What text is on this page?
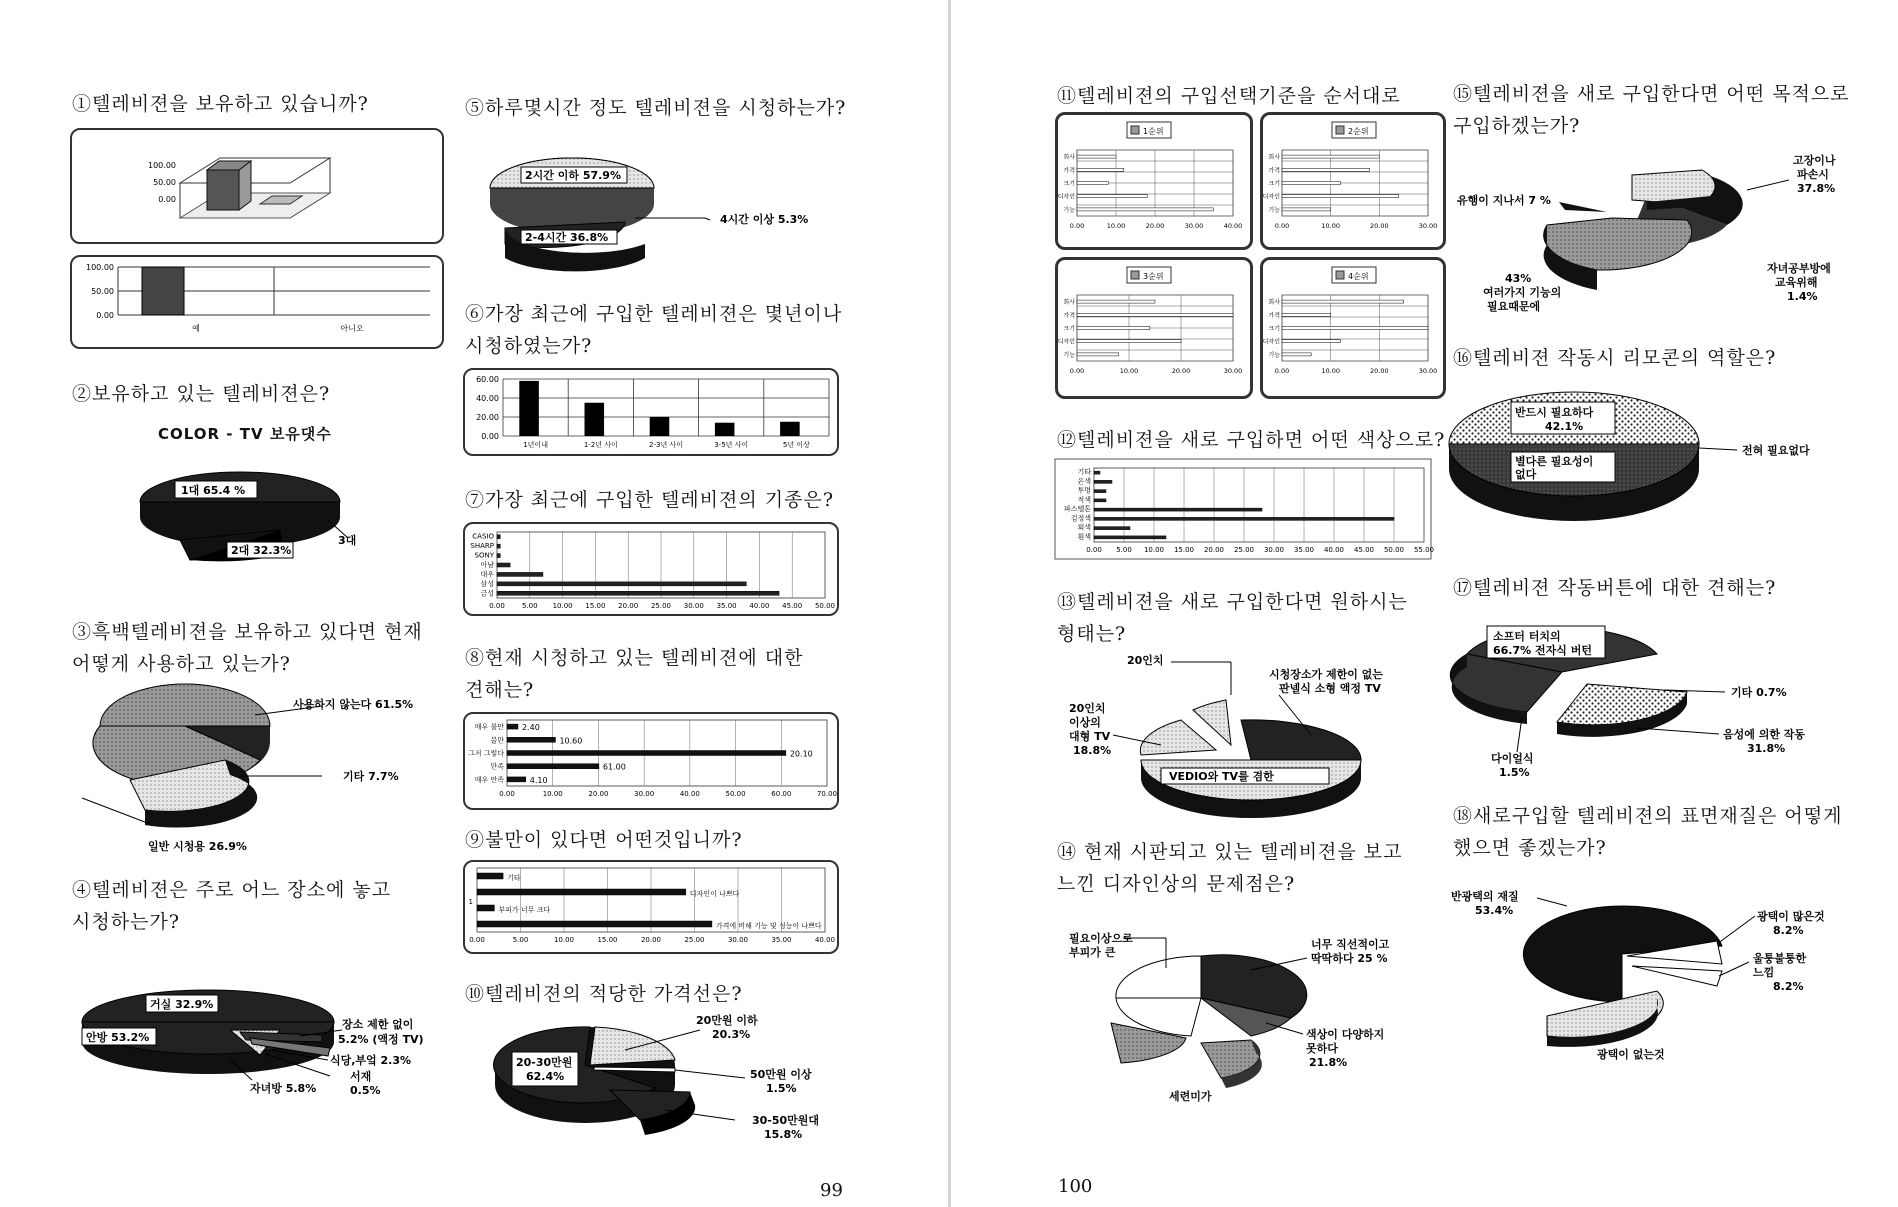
①텔레비젼을 보유하고 있습니까?
100.00
50.00
0.00
100.00
50.00
0.00
예	아니오
②보유하고 있는 텔레비젼은?
COLOR - TV 보유댓수
1대 65.4 %
2대 32.3%
3대
③흑백텔레비젼을 보유하고 있다면 현재
어떻게 사용하고 있는가?
사용하지 않는다 61.5%
기타 7.7%
일반 시청용 26.9%
④텔레비젼은 주로 어느 장소에 놓고
시청하는가?
거실 32.9%
안방 53.2%
장소 제한 없이
5.2% (액정 TV)
식당,부엌 2.3%
서재
0.5%
자녀방 5.8%
99
⑤하루몇시간 정도 텔레비젼을 시청하는가?
2시간 이하 57.9%
2-4시간 36.8%
4시간 이상 5.3%
⑥가장 최근에 구입한 텔레비젼은 몇년이나
시청하였는가?
1년이내	1-2년 사이	2-3년 사이	3-5년 사이	5년 이상
60.00
40.00
20.00
0.00
⑦가장 최근에 구입한 텔레비젼의 기종은?
0.00 5.00 10.00 15.00 20.00 25.00 30.00 35.00 40.00 45.00 50.00
CASIO
SHARP
SONY
아남
대우
삼성
금성
⑧현재 시청하고 있는 텔레비젼에 대한
견해는?
0.00	10.00	20.00	30.00	40.00	50.00	60.00	70.00
매우 불만 2.40
불만	10.60
그저 그렇다	20.10
만족	61.00
매우 만족	4.10
⑨불만이 있다면 어떤것입니까?
0.00	5.00	10.00	15.00	20.00	25.00	30.00	35.00	40.00
기타
디자인이 나쁘다
부피가 너무 크다
가격에 비해 기능 및 성능이 나쁘다
1
⑩텔레비젼의 적당한 가격선은?
20-30만원
62.4%
20만원 이하
20.3%
50만원 이상
1.5%
30-50만원대
15.8%
⑪텔레비젼의 구입선택기준을 순서대로
1순위
0.00	10.00	20.00	30.00	40.00
회사
가격
크기
디자인
기능
2순위
0.00	10.00	20.00	30.00
회사
가격
크기
디자인
기능
3순위
0.00	10.00	20.00	30.00
회사
가격
크기
디자인
기능
4순위
0.00	10.00	20.00	30.00
회사
가격
크기
디자인
기능
⑫텔레비젼을 새로 구입하면 어떤 색상으로?
0.00 5.00 10.00 15.00 20.00 25.00 30.00 35.00 40.00 45.00 50.00 55.00
기타
은색
투명
적색
파스텔톤
검정색
회색
흰색
⑬텔레비젼을 새로 구입한다면 원하시는
형태는?
VEDIO와 TV를 겸한
20인치
20인치
이상의
대형 TV
18.8%
시청장소가 제한이 없는
판넬식 소형 액정 TV
⑭ 현재 시판되고 있는 텔레비젼을 보고
느낀 디자인상의 문제점은?
필요이상으로
부피가 큰
너무 직선적이고
딱딱하다 25 %
색상이 다양하지
못하다
21.8%
세련미가
100
⑮텔레비젼을 새로 구입한다면 어떤 목적으로
구입하겠는가?
고장이나
파손시
37.8%
유행이 지나서 7 %
43%
여러가지 기능의
필요때문에
자녀공부방에
교육위해
1.4%
⑯텔레비젼 작동시 리모콘의 역할은?
반드시 필요하다
42.1%
별다른 필요성이
없다
전혀 필요없다
⑰텔레비젼 작동버튼에 대한 견해는?
소프터 터치의
66.7% 전자식 버턴
기타 0.7%
음성에 의한 작동
31.8%
다이얼식
1.5%
⑱새로구입할 텔레비젼의 표면재질은 어떻게
했으면 좋겠는가?
반광택의 재질
53.4%	광택이 많은것
8.2%
울퉁불퉁한
느낌
8.2%
광택이 없는것
